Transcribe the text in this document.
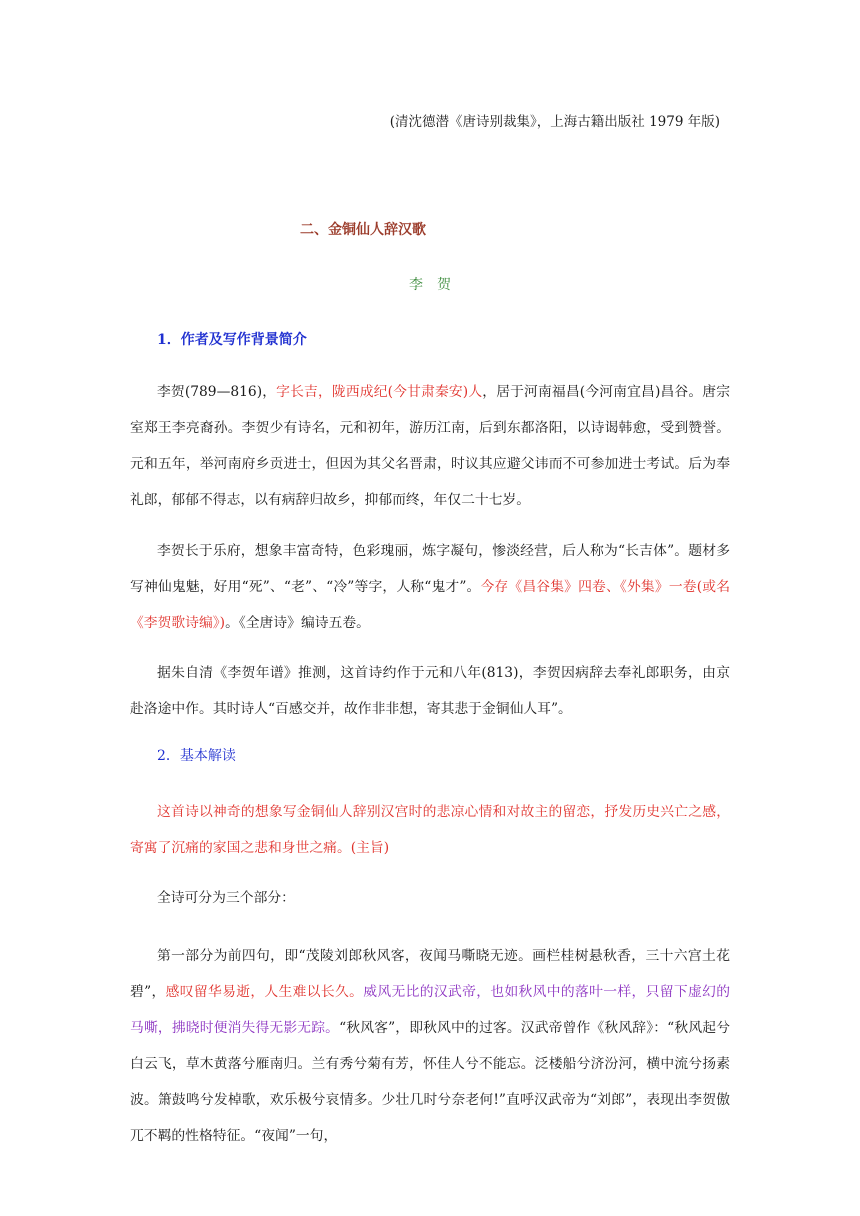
(清沈德潜《唐诗别裁集》，上海古籍出版社 1979 年版)
二、金铜仙人辞汉歌
李贺
1．作者及写作背景简介
李贺(789—816)，字长吉，陇西成纪(今甘肃秦安)人，居于河南福昌(今河南宜昌)昌谷。唐宗室郑王李亮裔孙。李贺少有诗名，元和初年，游历江南，后到东都洛阳，以诗谒韩愈，受到赞誉。元和五年，举河南府乡贡进士，但因为其父名晋肃，时议其应避父讳而不可参加进士考试。后为奉礼郎，郁郁不得志，以有病辞归故乡，抑郁而终，年仅二十七岁。
李贺长于乐府，想象丰富奇特，色彩瑰丽，炼字凝句，惨淡经营，后人称为“长吉体”。题材多写神仙鬼魅，好用“死”、“老”、“冷”等字，人称“鬼才”。今存《昌谷集》四卷、《外集》一卷(或名《李贺歌诗编》)。《全唐诗》编诗五卷。
据朱自清《李贺年谱》推测，这首诗约作于元和八年(813)，李贺因病辞去奉礼郎职务，由京赴洛途中作。其时诗人“百感交并，故作非非想，寄其悲于金铜仙人耳”。
2．基本解读
这首诗以神奇的想象写金铜仙人辞别汉宫时的悲凉心情和对故主的留恋，抒发历史兴亡之感，寄寓了沉痛的家国之悲和身世之痛。(主旨)
全诗可分为三个部分：
第一部分为前四句，即“茂陵刘郎秋风客，夜闻马嘶晓无迹。画栏桂树悬秋香，三十六宫土花碧”，感叹留华易逝，人生难以长久。威风无比的汉武帝，也如秋风中的落叶一样，只留下虚幻的马嘶，拂晓时便消失得无影无踪。“秋风客”，即秋风中的过客。汉武帝曾作《秋风辞》：“秋风起兮白云飞，草木黄落兮雁南归。兰有秀兮菊有芳，怀佳人兮不能忘。泛楼船兮济汾河，横中流兮扬素波。箫鼓鸣兮发棹歌，欢乐极兮哀情多。少壮几时兮奈老何!”直呼汉武帝为“刘郎”，表现出李贺傲兀不羁的性格特征。“夜闻”一句，
